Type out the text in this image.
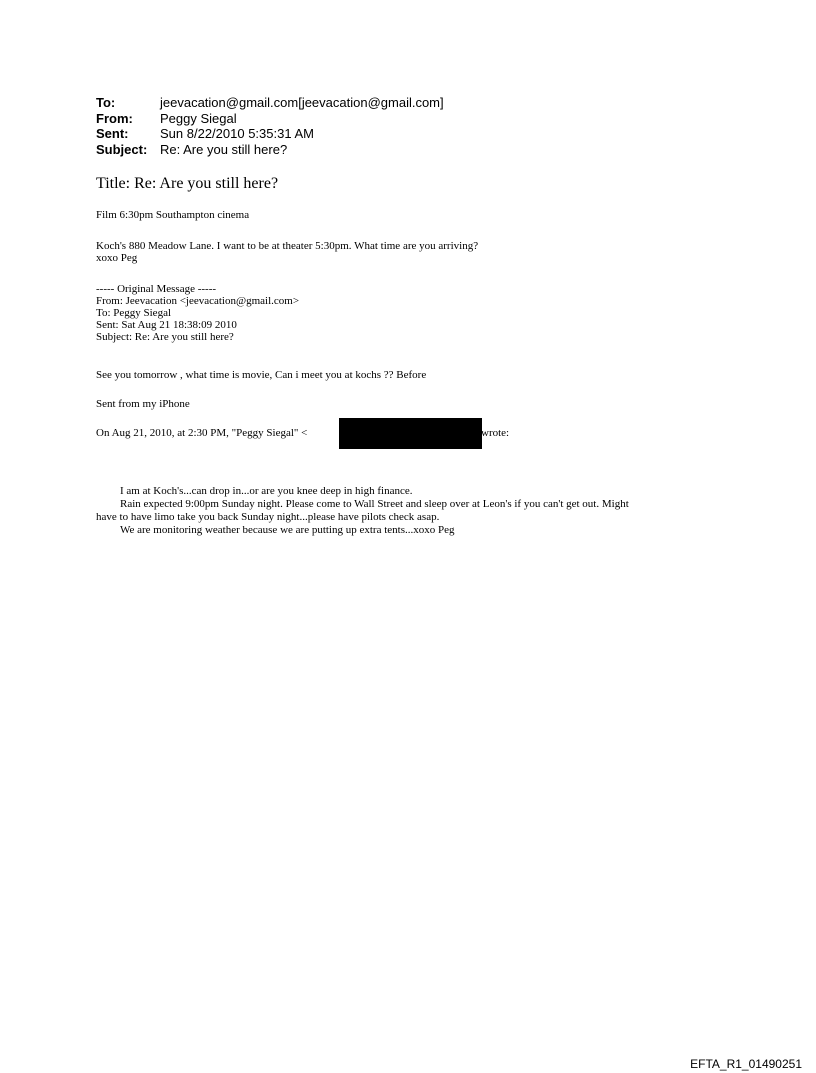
To:	jeevacation@gmail.com[jeevacation@gmail.com]
From:	Peggy Siegal
Sent:	Sun 8/22/2010 5:35:31 AM
Subject: Re: Are you still here?
Title: Re: Are you still here?
Film 6:30pm Southampton cinema
Koch's 880 Meadow Lane. I want to be at theater 5:30pm. What time are you arriving?
xoxo Peg
----- Original Message -----
From: Jeevacation <jeevacation@gmail.com>
To: Peggy Siegal
Sent: Sat Aug 21 18:38:09 2010
Subject: Re: Are you still here?
See you tomorrow , what time is movie, Can i meet you at kochs ?? Before
Sent from my iPhone
On Aug 21, 2010, at 2:30 PM, "Peggy Siegal" <	wrote:
I am at Koch's...can drop in...or are you knee deep in high finance.
Rain expected 9:00pm Sunday night. Please come to Wall Street and sleep over at Leon's if you can't get out. Might
have to have limo take you back Sunday night...please have pilots check asap.
We are monitoring weather because we are putting up extra tents...xoxo Peg
EFTA_R1_01490251
